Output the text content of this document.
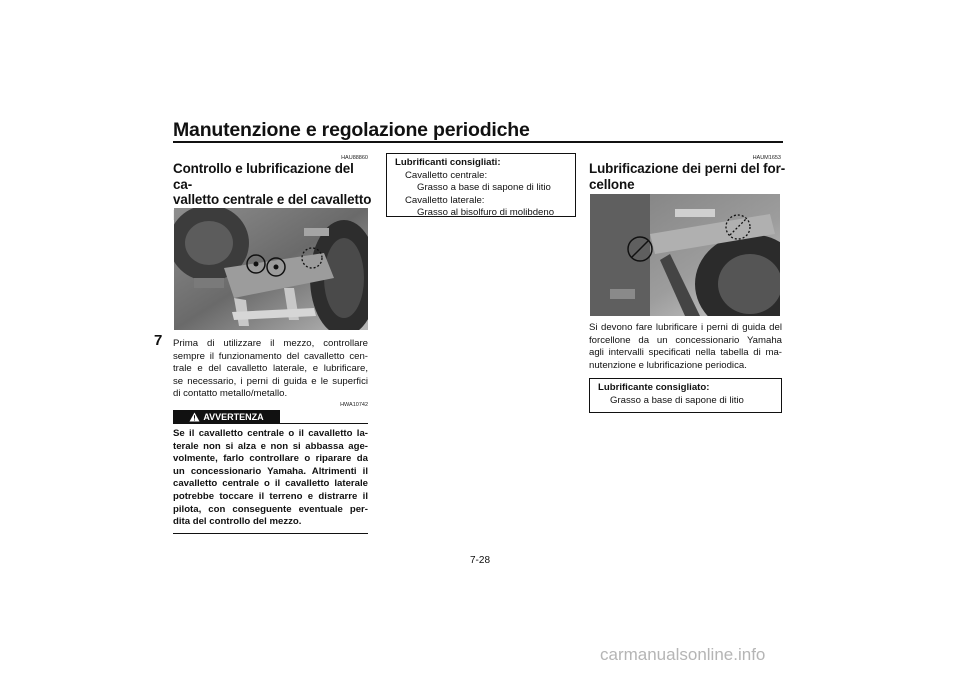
Manutenzione e regolazione periodiche
7
HAU88860
Controllo e lubrificazione del ca-
valletto centrale e del cavalletto
Prima di utilizzare il mezzo, controllare
sempre il funzionamento del cavalletto cen-
trale e del cavalletto laterale, e lubrificare,
se necessario, i perni di guida e le superfici
di contatto metallo/metallo.
HWA10742
AVVERTENZA
Se il cavalletto centrale o il cavalletto la-
terale non si alza e non si abbassa age-
volmente, farlo controllare o riparare da
un concessionario Yamaha. Altrimenti il
cavalletto centrale o il cavalletto laterale
potrebbe toccare il terreno e distrarre il
pilota, con conseguente eventuale per-
dita del controllo del mezzo.
Lubrificanti consigliati:
Cavalletto centrale:
Grasso a base di sapone di litio
Cavalletto laterale:
Grasso al bisolfuro di molibdeno
HAUM1653
Lubrificazione dei perni del for-
cellone
Si devono fare lubrificare i perni di guida del
forcellone da un concessionario Yamaha
agli intervalli specificati nella tabella di ma-
nutenzione e lubrificazione periodica.
Lubrificante consigliato:
Grasso a base di sapone di litio
7-28
carmanualsonline.info
